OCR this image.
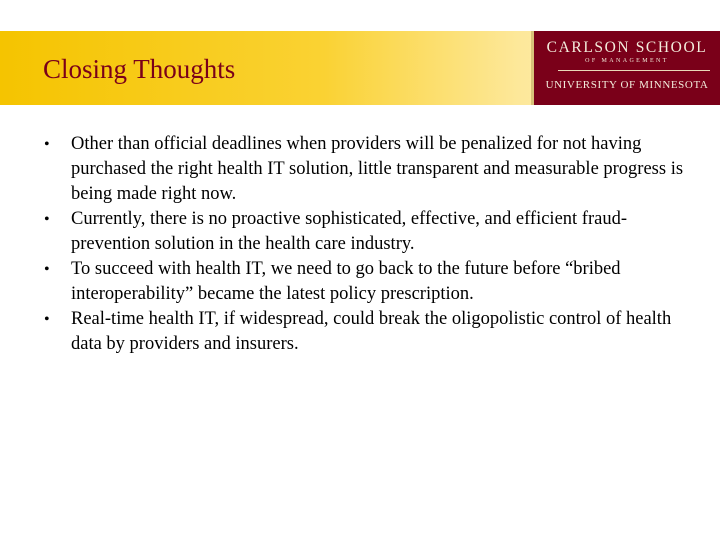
Closing Thoughts
CARLSON SCHOOL
OF MANAGEMENT
UNIVERSITY OF MINNESOTA
• Other than official deadlines when providers will be penalized for not having purchased the right health IT solution, little transparent and measurable progress is being made right now.
• Currently, there is no proactive sophisticated, effective, and efficient fraud-prevention solution in the health care industry.
• To succeed with health IT, we need to go back to the future before “bribed interoperability” became the latest policy prescription.
• Real-time health IT, if widespread, could break the oligopolistic control of health data by providers and insurers.
